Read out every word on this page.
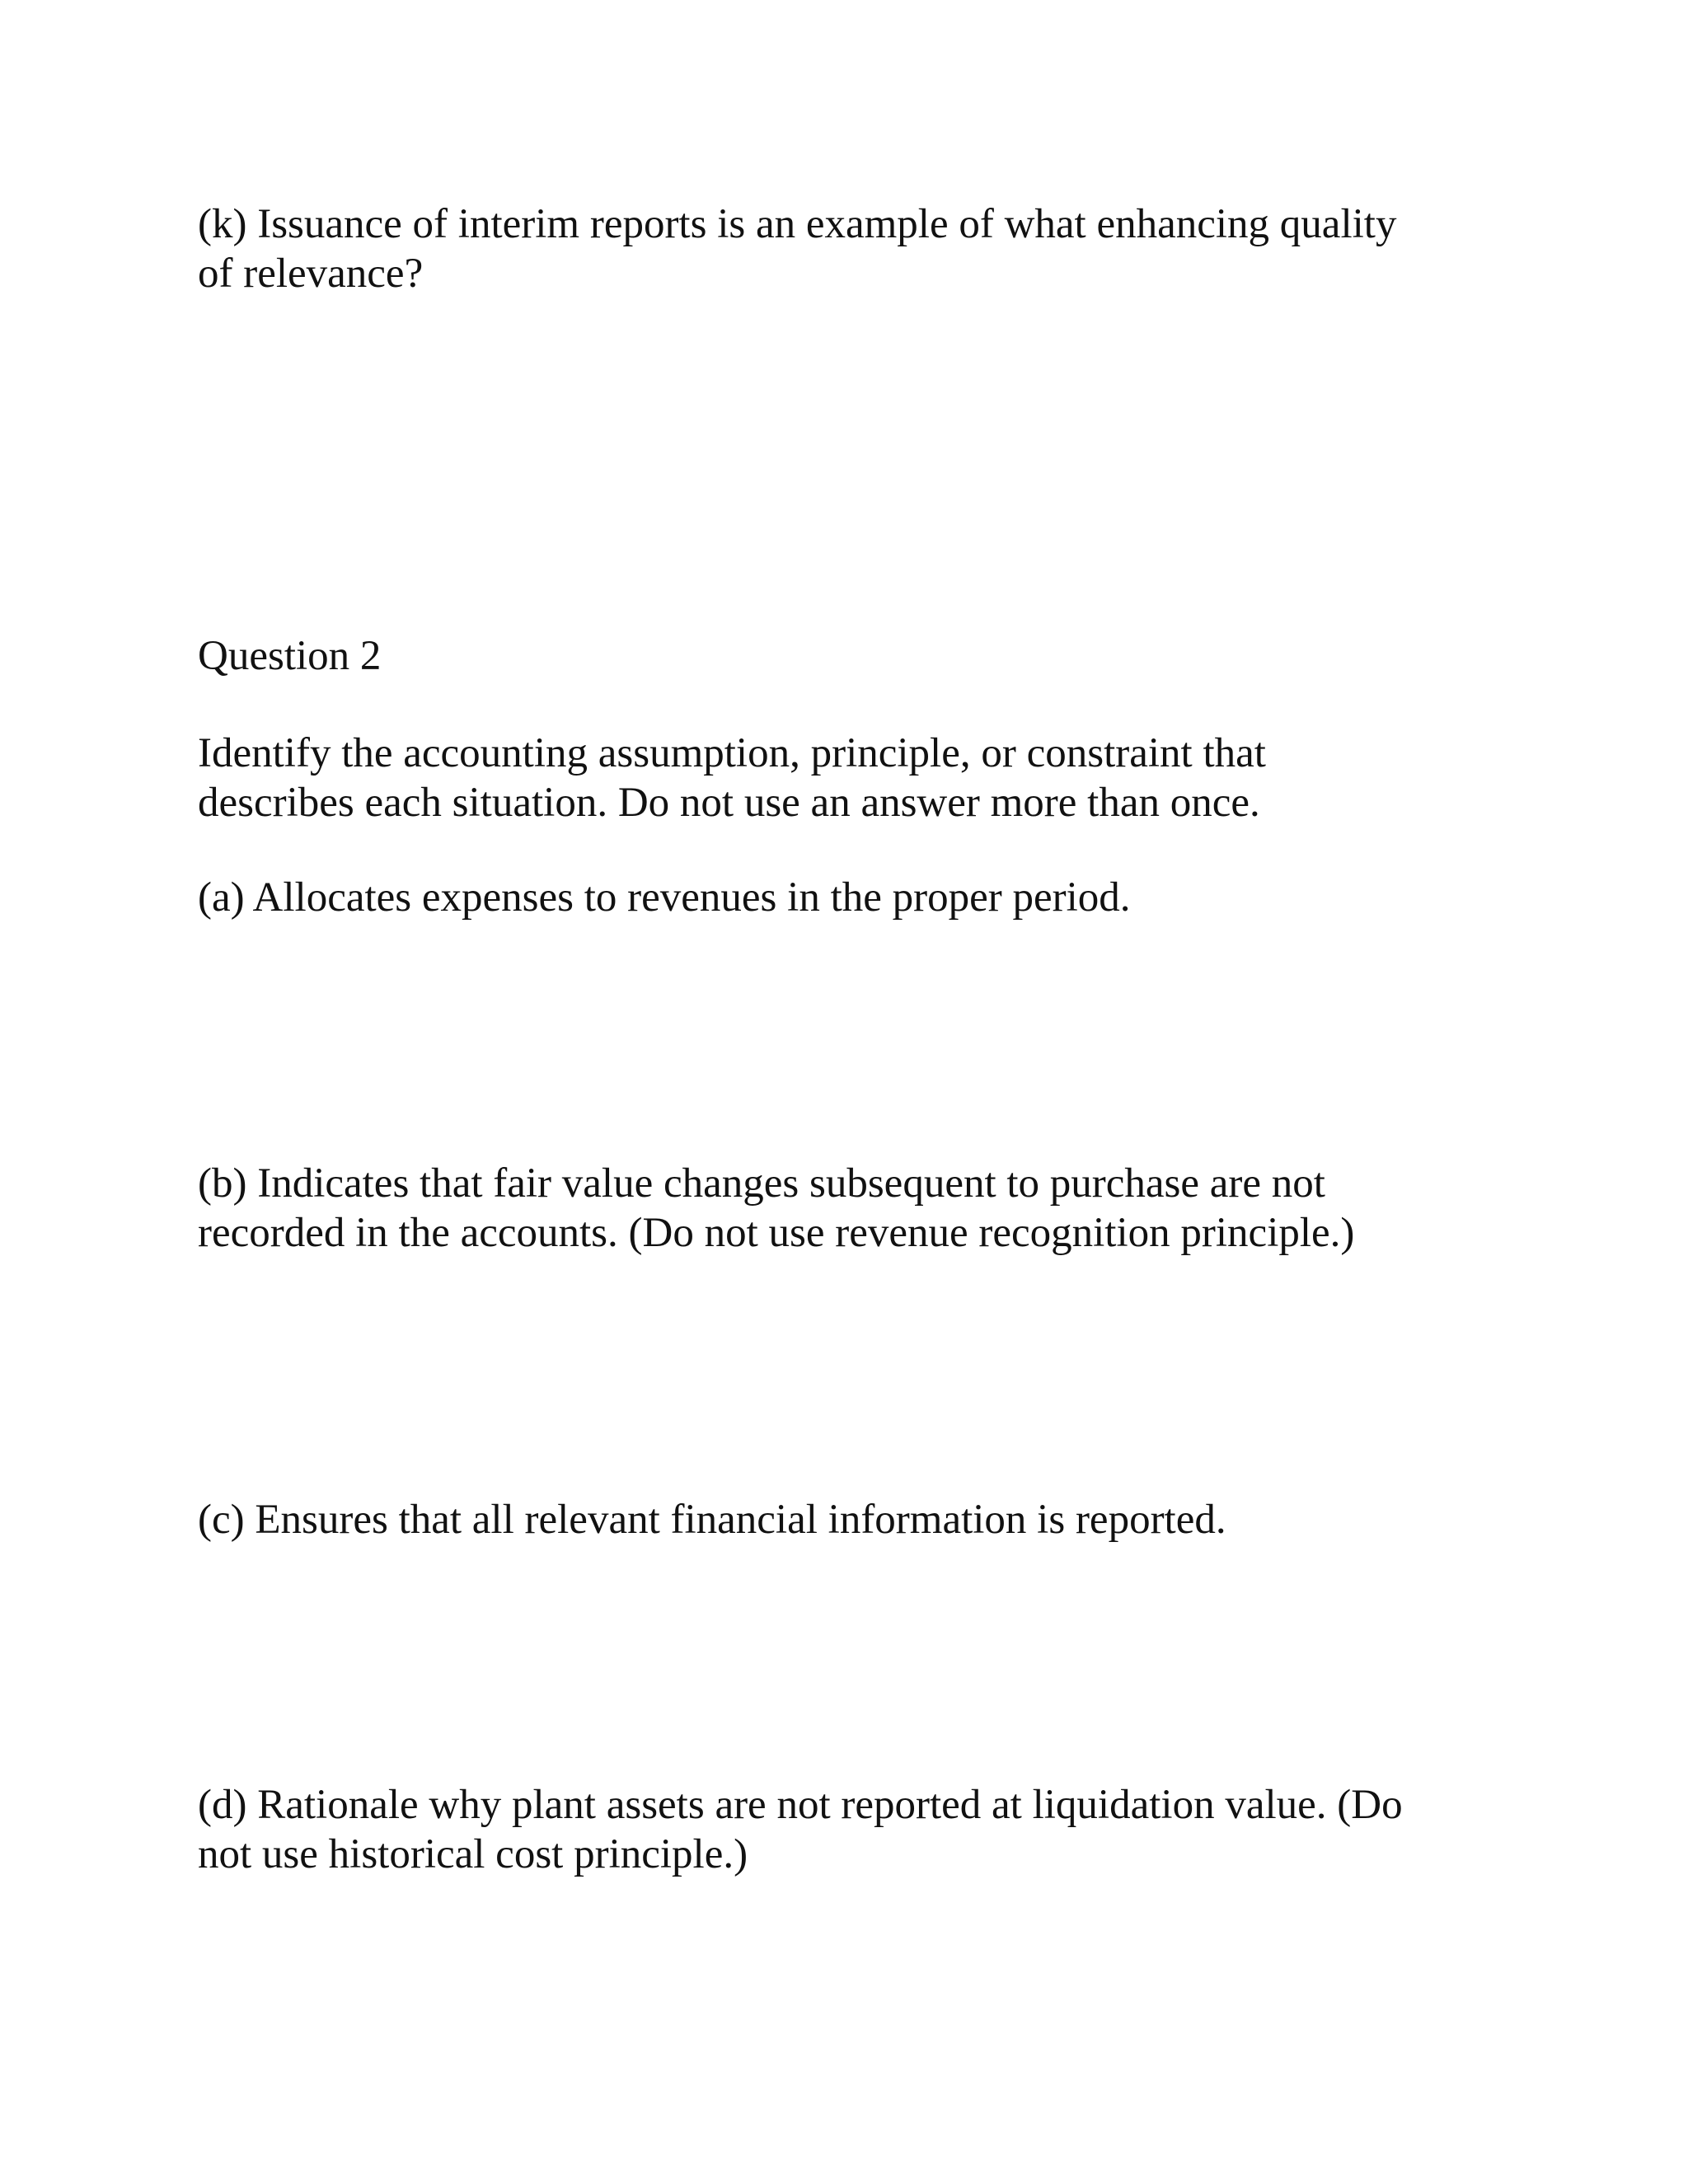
(k) Issuance of interim reports is an example of what enhancing quality
of relevance?

Question 2

Identify the accounting assumption, principle, or constraint that
describes each situation. Do not use an answer more than once.

(a) Allocates expenses to revenues in the proper period.

(b) Indicates that fair value changes subsequent to purchase are not
recorded in the accounts. (Do not use revenue recognition principle.)

(c) Ensures that all relevant financial information is reported.

(d) Rationale why plant assets are not reported at liquidation value. (Do
not use historical cost principle.)
